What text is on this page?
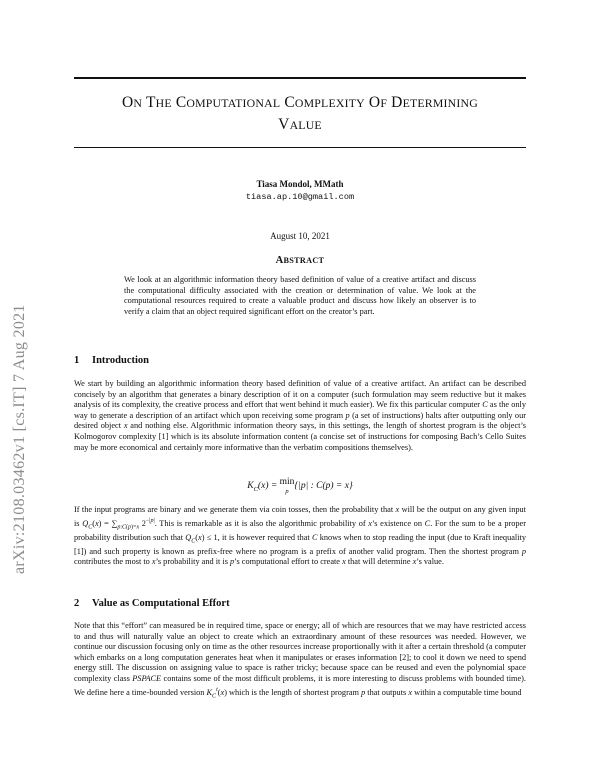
arXiv:2108.03462v1 [cs.IT] 7 Aug 2021
ON THE COMPUTATIONAL COMPLEXITY OF DETERMINING
VALUE
Tiasa Mondol, MMath
tiasa.ap.10@gmail.com
August 10, 2021
ABSTRACT
We look at an algorithmic information theory based definition of value of a creative artifact and discuss the computational difficulty associated with the creation or determination of value. We look at the computational resources required to create a valuable product and discuss how likely an observer is to verify a claim that an object required significant effort on the creator’s part.
1 Introduction
We start by building an algorithmic information theory based definition of value of a creative artifact. An artifact can be described concisely by an algorithm that generates a binary description of it on a computer (such formulation may seem reductive but it makes analysis of its complexity, the creative process and effort that went behind it much easier). We fix this particular computer C as the only way to generate a description of an artifact which upon receiving some program p (a set of instructions) halts after outputting only our desired object x and nothing else. Algorithmic information theory says, in this settings, the length of shortest program is the object’s Kolmogorov complexity [1] which is its absolute information content (a concise set of instructions for composing Bach’s Cello Suites may be more economical and certainly more informative than the verbatim compositions themselves).
$K_C(x) = \min$
p{|p| : C(p) = x}
If the input programs are binary and we generate them via coin tosses, then the probability that x will be the output on any given input is $Q_C(x) = \sum_{p:C(p)=x}$ $2^{-|p|}$. This is remarkable as it is also the algorithmic probability of x’s existence on C. For the sum to be a proper probability distribution such that $Q_C(x) \le 1$, it is however required that C knows when to stop reading the input (due to Kraft inequality [1]) and such property is known as prefix-free where no program is a prefix of another valid program. Then the shortest program p contributes the most to x’s probability and it is p’s computational effort to create x that will determine x’s value.
2 Value as Computational Effort
Note that this “effort” can measured be in required time, space or energy; all of which are resources that we may have restricted access to and thus will naturally value an object to create which an extraordinary amount of these resources was needed. However, we continue our discussion focusing only on time as the other resources increase proportionally with it after a certain threshold (a computer which embarks on a long computation generates heat when it manipulates or erases information [2]; to cool it down we need to spend energy still. The discussion on assigning value to space is rather tricky; because space can be reused and even the polynomial space complexity class PSPACE contains some of the most difficult problems, it is more interesting to discuss problems with bounded time). We define here a time-bounded version $K_C^t(x)$ which is the length of shortest program p that outputs x within a computable time bound
